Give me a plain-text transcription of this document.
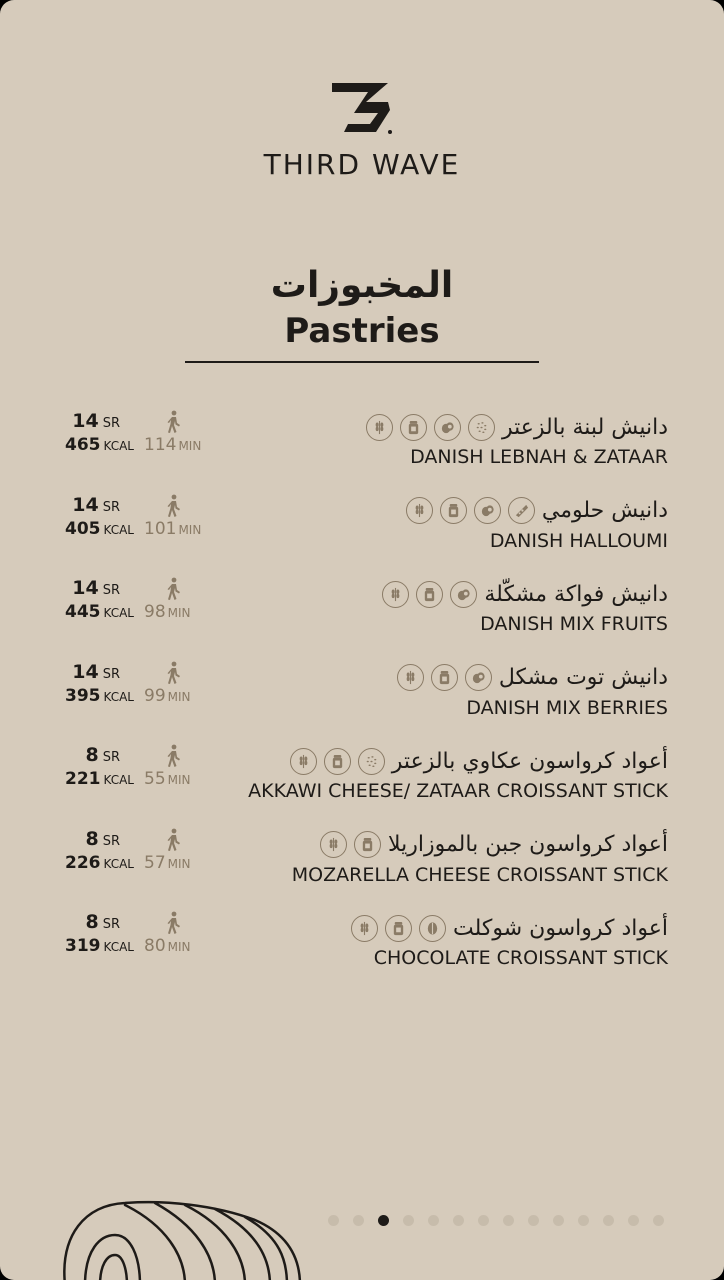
THIRD WAVE
المخبوزات
Pastries
14 SR
465 KCAL 114 MIN
دانيش لبنة بالزعتر
DANISH LEBNAH & ZATAAR
14 SR
405 KCAL 101 MIN
دانيش حلومي
DANISH HALLOUMI
14 SR
445 KCAL 98 MIN
دانيش فواكة مشكّلة
DANISH MIX FRUITS
14 SR
395 KCAL 99 MIN
دانيش توت مشكل
DANISH MIX BERRIES
8 SR
221 KCAL 55 MIN
أعواد كرواسون عكاوي بالزعتر
AKKAWI CHEESE/ ZATAAR CROISSANT STICK
8 SR
226 KCAL 57 MIN
أعواد كرواسون جبن بالموزاريلا
MOZARELLA CHEESE CROISSANT STICK
8 SR
319 KCAL 80 MIN
أعواد كرواسون شوكلت
CHOCOLATE CROISSANT STICK
